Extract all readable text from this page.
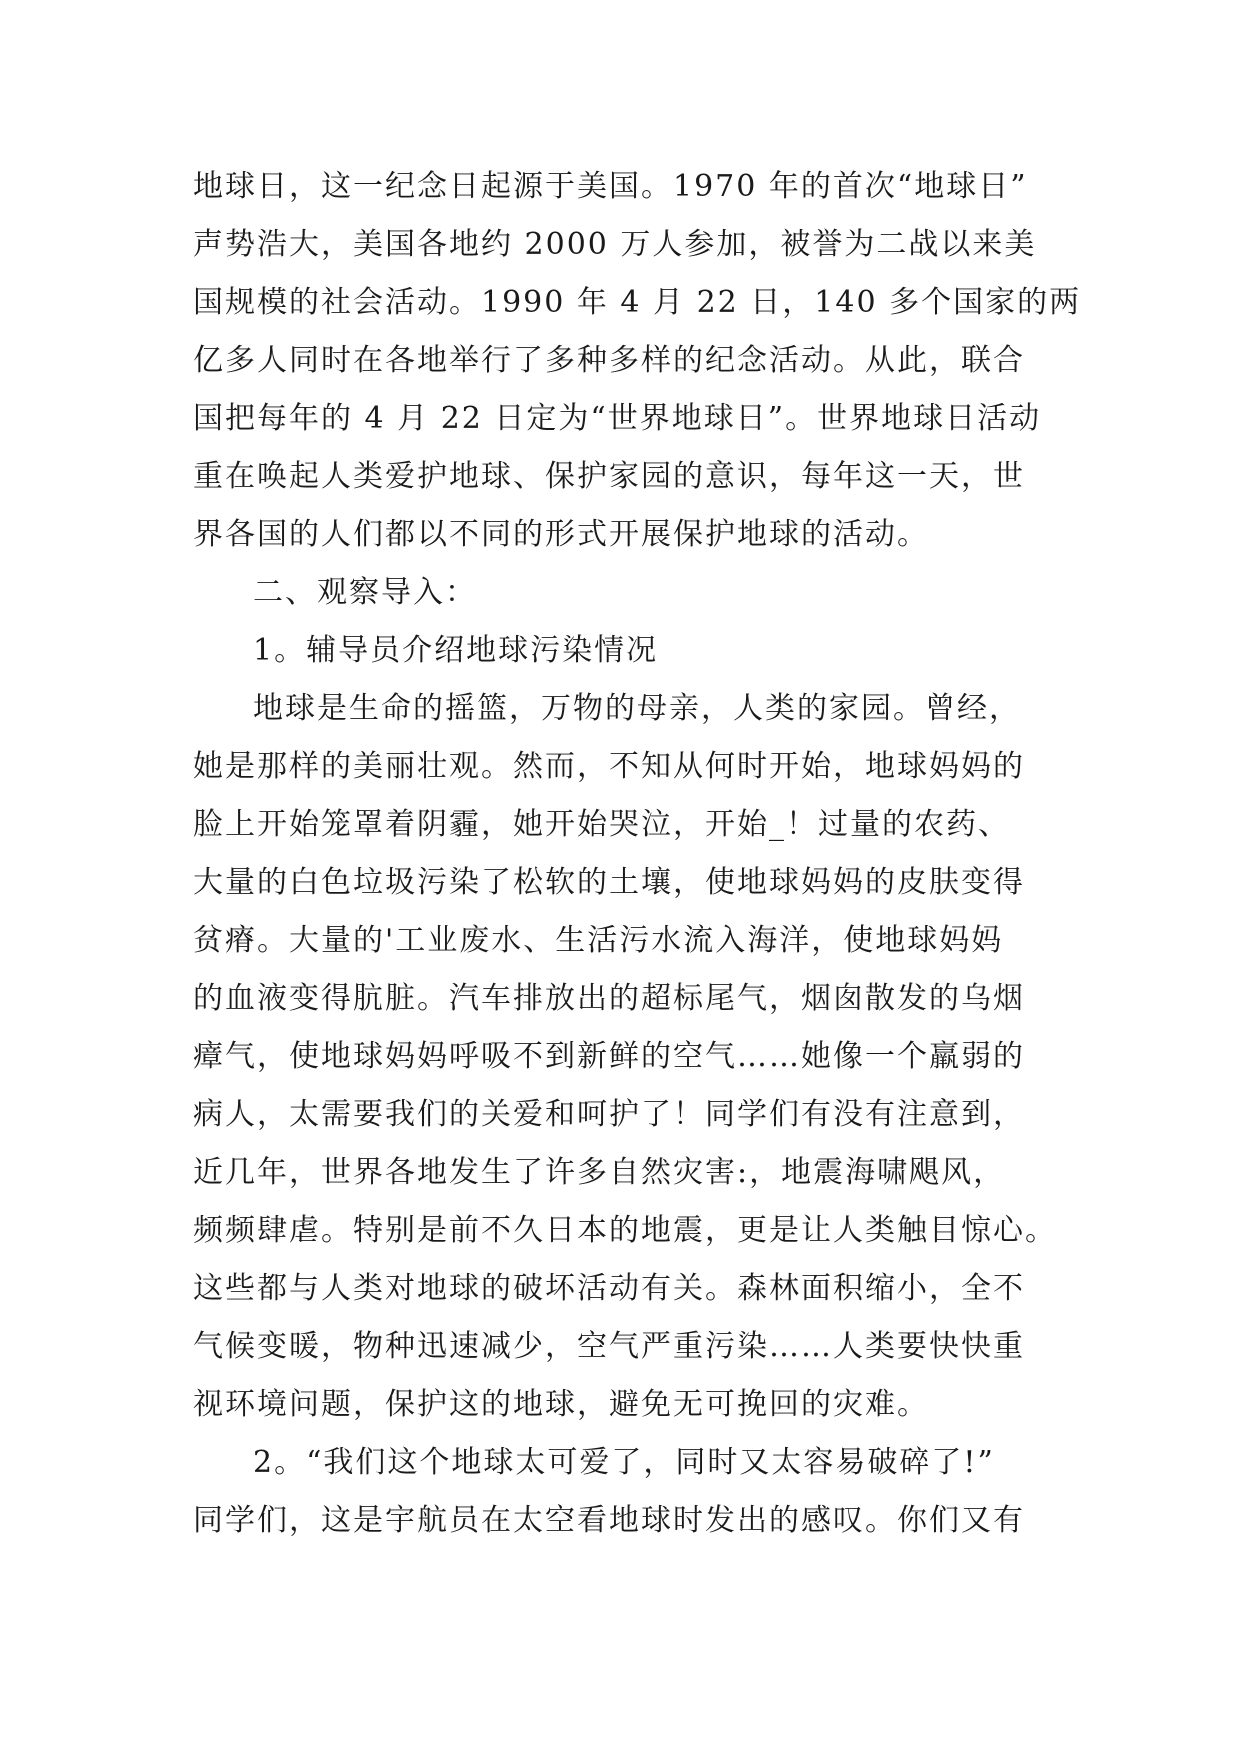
地球日，这一纪念日起源于美国。1970 年的首次“地球日”
声势浩大，美国各地约 2000 万人参加，被誉为二战以来美
国规模的社会活动。1990 年 4 月 22 日，140 多个国家的两
亿多人同时在各地举行了多种多样的纪念活动。从此，联合
国把每年的 4 月 22 日定为“世界地球日”。世界地球日活动
重在唤起人类爱护地球、保护家园的意识，每年这一天，世
界各国的人们都以不同的形式开展保护地球的活动。
二、观察导入：
1。辅导员介绍地球污染情况
地球是生命的摇篮，万物的母亲，人类的家园。曾经，
她是那样的美丽壮观。然而，不知从何时开始，地球妈妈的
脸上开始笼罩着阴霾，她开始哭泣，开始_！过量的农药、
大量的白色垃圾污染了松软的土壤，使地球妈妈的皮肤变得
贫瘠。大量的'工业废水、生活污水流入海洋，使地球妈妈
的血液变得肮脏。汽车排放出的超标尾气，烟囱散发的乌烟
瘴气，使地球妈妈呼吸不到新鲜的空气……她像一个羸弱的
病人，太需要我们的关爱和呵护了！同学们有没有注意到，
近几年，世界各地发生了许多自然灾害:，地震海啸飓风，
频频肆虐。特别是前不久日本的地震，更是让人类触目惊心。
这些都与人类对地球的破坏活动有关。森林面积缩小，全不
气候变暖，物种迅速减少，空气严重污染……人类要快快重
视环境问题，保护这的地球，避免无可挽回的灾难。
2。“我们这个地球太可爱了，同时又太容易破碎了!”
同学们，这是宇航员在太空看地球时发出的感叹。你们又有
